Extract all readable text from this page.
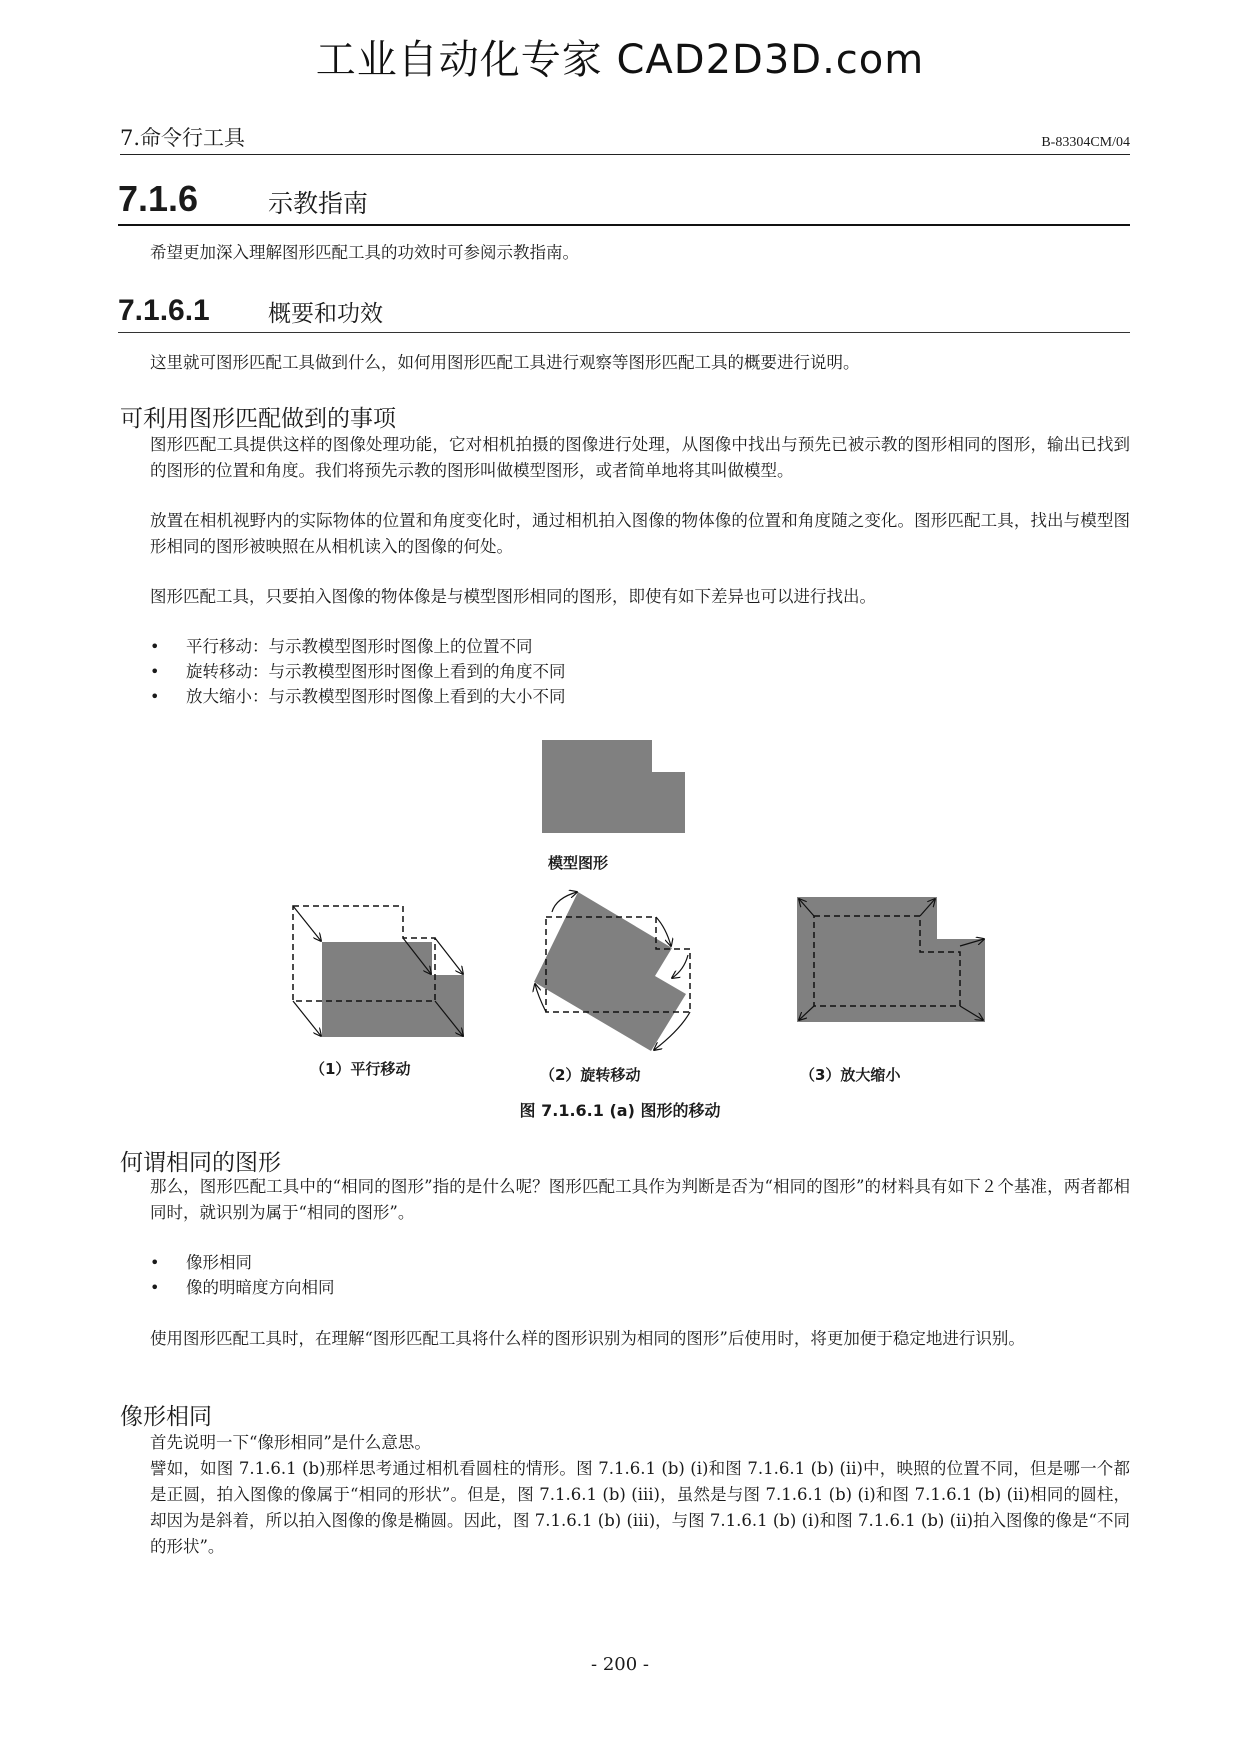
工业自动化专家 CAD2D3D.com
7.命令行工具	B-83304CM/04
7.1.6	示教指南
希望更加深入理解图形匹配工具的功效时可参阅示教指南。
7.1.6.1	概要和功效
这里就可图形匹配工具做到什么，如何用图形匹配工具进行观察等图形匹配工具的概要进行说明。
可利用图形匹配做到的事项
图形匹配工具提供这样的图像处理功能，它对相机拍摄的图像进行处理，从图像中找出与预先已被示教的图形相同的图形，输出已找到的图形的位置和角度。我们将预先示教的图形叫做模型图形，或者简单地将其叫做模型。
放置在相机视野内的实际物体的位置和角度变化时，通过相机拍入图像的物体像的位置和角度随之变化。图形匹配工具，找出与模型图形相同的图形被映照在从相机读入的图像的何处。
图形匹配工具，只要拍入图像的物体像是与模型图形相同的图形，即使有如下差异也可以进行找出。
• 平行移动：与示教模型图形时图像上的位置不同
• 旋转移动：与示教模型图形时图像上看到的角度不同
• 放大缩小：与示教模型图形时图像上看到的大小不同
模型图形
（1）平行移动	（2）旋转移动	（3）放大缩小
图 7.1.6.1 (a) 图形的移动
何谓相同的图形
那么，图形匹配工具中的“相同的图形”指的是什么呢？图形匹配工具作为判断是否为“相同的图形”的材料具有如下２个基准，两者都相同时，就识别为属于“相同的图形”。
• 像形相同
• 像的明暗度方向相同
使用图形匹配工具时，在理解“图形匹配工具将什么样的图形识别为相同的图形”后使用时，将更加便于稳定地进行识别。
像形相同
首先说明一下“像形相同”是什么意思。
譬如，如图 7.1.6.1 (b)那样思考通过相机看圆柱的情形。图 7.1.6.1 (b) (i)和图 7.1.6.1 (b) (ii)中，映照的位置不同，但是哪一个都是正圆，拍入图像的像属于“相同的形状”。但是，图 7.1.6.1 (b) (iii)，虽然是与图 7.1.6.1 (b) (i)和图 7.1.6.1 (b) (ii)相同的圆柱，却因为是斜着，所以拍入图像的像是椭圆。因此，图 7.1.6.1 (b) (iii)，与图 7.1.6.1 (b) (i)和图 7.1.6.1 (b) (ii)拍入图像的像是“不同的形状”。
- 200 -
